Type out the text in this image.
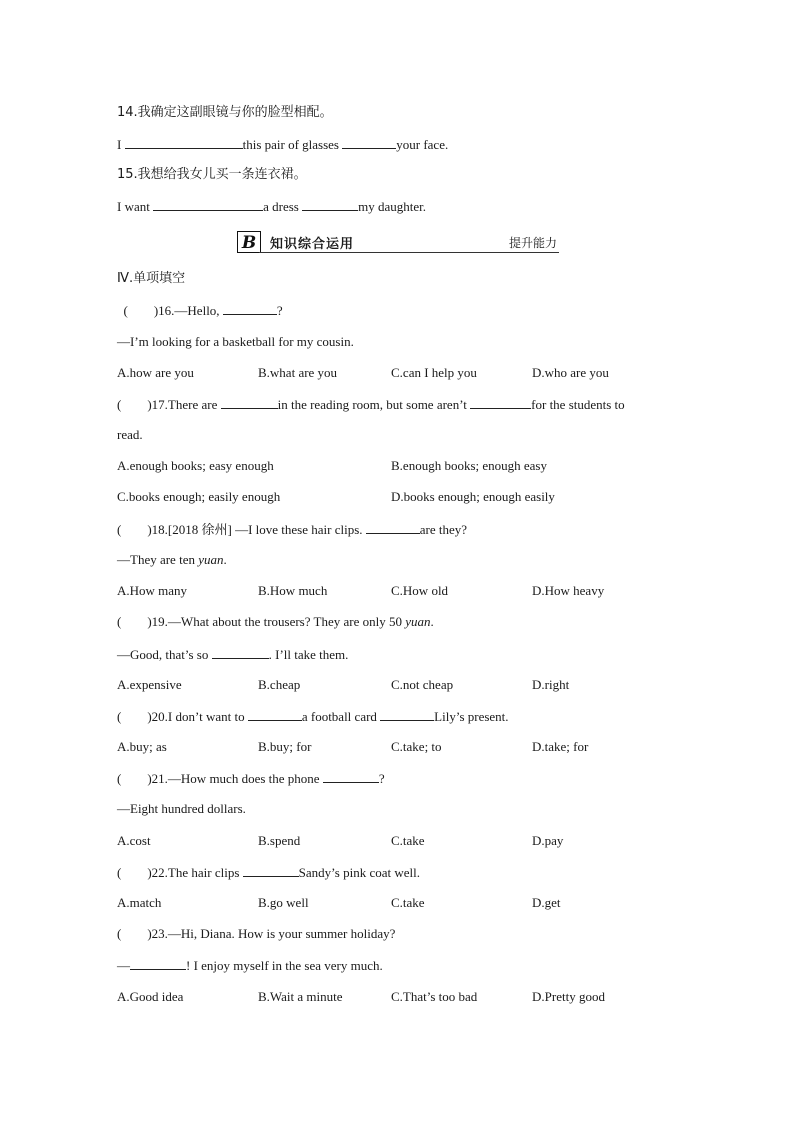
14.我确定这副眼镜与你的脸型相配。
I	this pair of glasses	your face.
15.我想给我女儿买一条连衣裙。
I want	a dress	my daughter.
B 知识综合运用	提升能力
Ⅳ.单项填空
(        )16.—Hello,	?
—I’m looking for a basketball for my cousin.
A.how are you	B.what are you	C.can I help you	D.who are you
(        )17.There are	in the reading room, but some aren’t	for the students to
read.
A.enough books; easy enough	B.enough books; enough easy
C.books enough; easily enough	D.books enough; enough easily
(        )18.[2018 徐州] —I love these hair clips.	are they?
—They are ten yuan.
A.How many	B.How much	C.How old	D.How heavy
(        )19.—What about the trousers? They are only 50 yuan.
—Good, that’s so	. I’ll take them.
A.expensive	B.cheap	C.not cheap	D.right
(        )20.I don’t want to	a football card	Lily’s present.
A.buy; as	B.buy; for	C.take; to	D.take; for
(        )21.—How much does the phone	?
—Eight hundred dollars.
A.cost	B.spend	C.take	D.pay
(        )22.The hair clips	Sandy’s pink coat well.
A.match	B.go well	C.take	D.get
(        )23.—Hi, Diana. How is your summer holiday?
—	! I enjoy myself in the sea very much.
A.Good idea	B.Wait a minute	C.That’s too bad	D.Pretty good
